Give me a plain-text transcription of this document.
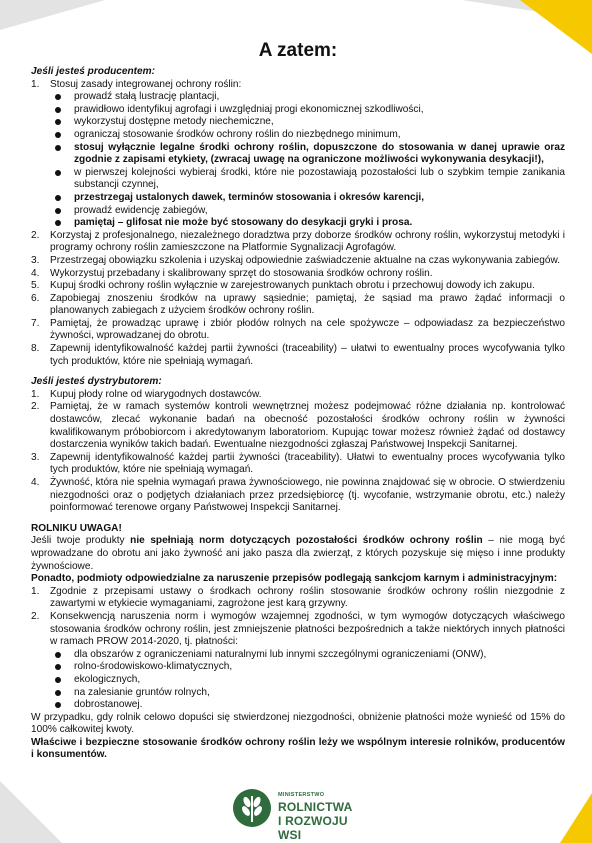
A zatem:
Jeśli jesteś producentem:
1. Stosuj zasady integrowanej ochrony roślin:
prowadź stałą lustrację plantacji,
prawidłowo identyfikuj agrofagi i uwzględniaj progi ekonomicznej szkodliwości,
wykorzystuj dostępne metody niechemiczne,
ograniczaj stosowanie środków ochrony roślin do niezbędnego minimum,
stosuj wyłącznie legalne środki ochrony roślin, dopuszczone do stosowania w danej uprawie oraz zgodnie z zapisami etykiety, (zwracaj uwagę na ograniczone możliwości wykonywania desykacji!),
w pierwszej kolejności wybieraj środki, które nie pozostawiają pozostałości lub o szybkim tempie zanikania substancji czynnej,
przestrzegaj ustalonych dawek, terminów stosowania i okresów karencji,
prowadź ewidencję zabiegów,
pamiętaj – glifosat nie może być stosowany do desykacji gryki i prosa.
2. Korzystaj z profesjonalnego, niezależnego doradztwa przy doborze środków ochrony roślin, wykorzystuj metodyki i programy ochrony roślin zamieszczone na Platformie Sygnalizacji Agrofagów.
3. Przestrzegaj obowiązku szkolenia i uzyskaj odpowiednie zaświadczenie aktualne na czas wykonywania zabiegów.
4. Wykorzystuj przebadany i skalibrowany sprzęt do stosowania środków ochrony roślin.
5. Kupuj środki ochrony roślin wyłącznie w zarejestrowanych punktach obrotu i przechowuj dowody ich zakupu.
6. Zapobiegaj znoszeniu środków na uprawy sąsiednie; pamiętaj, że sąsiad ma prawo żądać informacji o planowanych zabiegach z użyciem środków ochrony roślin.
7. Pamiętaj, że prowadząc uprawę i zbiór płodów rolnych na cele spożywcze – odpowiadasz za bezpieczeństwo żywności, wprowadzanej do obrotu.
8. Zapewnij identyfikowalność każdej partii żywności (traceability) – ułatwi to ewentualny proces wycofywania tylko tych produktów, które nie spełniają wymagań.
Jeśli jesteś dystrybutorem:
1. Kupuj płody rolne od wiarygodnych dostawców.
2. Pamiętaj, że w ramach systemów kontroli wewnętrznej możesz podejmować różne działania np. kontrolować dostawców, zlecać wykonanie badań na obecność pozostałości środków ochrony roślin w żywności kwalifikowanym próbobiorcom i akredytowanym laboratoriom. Kupując towar możesz również żądać od dostawcy dostarczenia wyników takich badań. Ewentualne niezgodności zgłaszaj Państwowej Inspekcji Sanitarnej.
3. Zapewnij identyfikowalność każdej partii żywności (traceability). Ułatwi to ewentualny proces wycofywania tylko tych produktów, które nie spełniają wymagań.
4. Żywność, która nie spełnia wymagań prawa żywnościowego, nie powinna znajdować się w obrocie. O stwierdzeniu niezgodności oraz o podjętych działaniach przez przedsiębiorcę (tj. wycofanie, wstrzymanie obrotu, etc.) należy poinformować terenowe organy Państwowej Inspekcji Sanitarnej.
ROLNIKU UWAGA!
Jeśli twoje produkty nie spełniają norm dotyczących pozostałości środków ochrony roślin – nie mogą być wprowadzane do obrotu ani jako żywność ani jako pasza dla zwierząt, z których pozyskuje się mięso i inne produkty żywnościowe.
Ponadto, podmioty odpowiedzialne za naruszenie przepisów podlegają sankcjom karnym i administracyjnym:
1. Zgodnie z przepisami ustawy o środkach ochrony roślin stosowanie środków ochrony roślin niezgodnie z zawartymi w etykiecie wymaganiami, zagrożone jest karą grzywny.
2. Konsekwencją naruszenia norm i wymogów wzajemnej zgodności, w tym wymogów dotyczących właściwego stosowania środków ochrony roślin, jest zmniejszenie płatności bezpośrednich a także niektórych innych płatności w ramach PROW 2014-2020, tj. płatności:
dla obszarów z ograniczeniami naturalnymi lub innymi szczególnymi ograniczeniami (ONW),
rolno-środowiskowo-klimatycznych,
ekologicznych,
na zalesianie gruntów rolnych,
dobrostanowej.
W przypadku, gdy rolnik celowo dopuści się stwierdzonej niezgodności, obniżenie płatności może wynieść od 15% do 100% całkowitej kwoty.
Właściwe i bezpieczne stosowanie środków ochrony roślin leży we wspólnym interesie rolników, producentów i konsumentów.
MINISTERSTWO
ROLNICTWA
I ROZWOJU WSI
